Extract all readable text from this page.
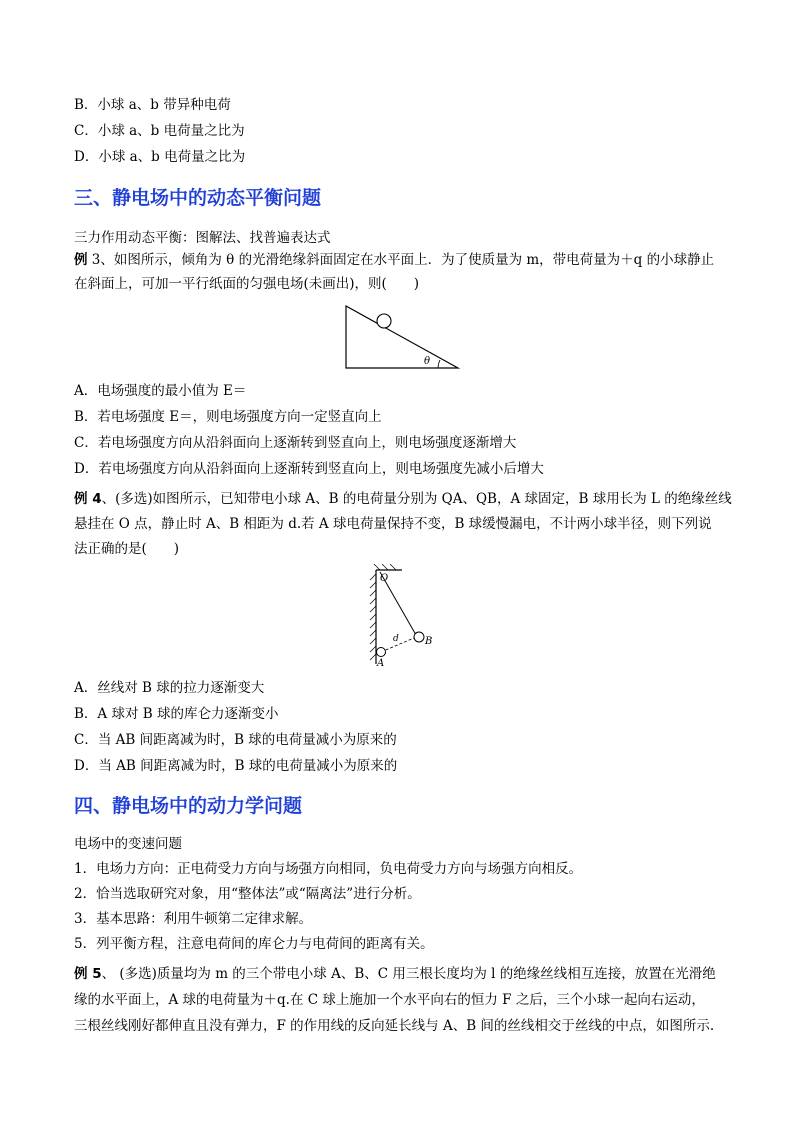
B．小球 a、b 带异种电荷
C．小球 a、b 电荷量之比为
D．小球 a、b 电荷量之比为
三、静电场中的动态平衡问题
三力作用动态平衡：图解法、找普遍表达式
例 3、如图所示，倾角为 θ 的光滑绝缘斜面固定在水平面上．为了使质量为 m，带电荷量为＋q 的小球静止
在斜面上，可加一平行纸面的匀强电场(未画出)，则(　　)
θ
A．电场强度的最小值为 E＝
B．若电场强度 E＝，则电场强度方向一定竖直向上
C．若电场强度方向从沿斜面向上逐渐转到竖直向上，则电场强度逐渐增大
D．若电场强度方向从沿斜面向上逐渐转到竖直向上，则电场强度先减小后增大
例 4、(多选)如图所示，已知带电小球 A、B 的电荷量分别为 QA、QB，A 球固定，B 球用长为 L 的绝缘丝线
悬挂在 O 点，静止时 A、B 相距为 d.若 A 球电荷量保持不变，B 球缓慢漏电，不计两小球半径，则下列说
法正确的是(　　)
O
d	B
A
A．丝线对 B 球的拉力逐渐变大
B．A 球对 B 球的库仑力逐渐变小
C．当 AB 间距离减为时，B 球的电荷量减小为原来的
D．当 AB 间距离减为时，B 球的电荷量减小为原来的
四、静电场中的动力学问题
电场中的变速问题
1．电场力方向：正电荷受力方向与场强方向相同，负电荷受力方向与场强方向相反。
2．恰当选取研究对象，用“整体法”或“隔离法”进行分析。
3．基本思路：利用牛顿第二定律求解。
5．列平衡方程，注意电荷间的库仑力与电荷间的距离有关。
例 5、 (多选)质量均为 m 的三个带电小球 A、B、C 用三根长度均为 l 的绝缘丝线相互连接，放置在光滑绝
缘的水平面上，A 球的电荷量为＋q.在 C 球上施加一个水平向右的恒力 F 之后，三个小球一起向右运动，
三根丝线刚好都伸直且没有弹力，F 的作用线的反向延长线与 A、B 间的丝线相交于丝线的中点，如图所示.
